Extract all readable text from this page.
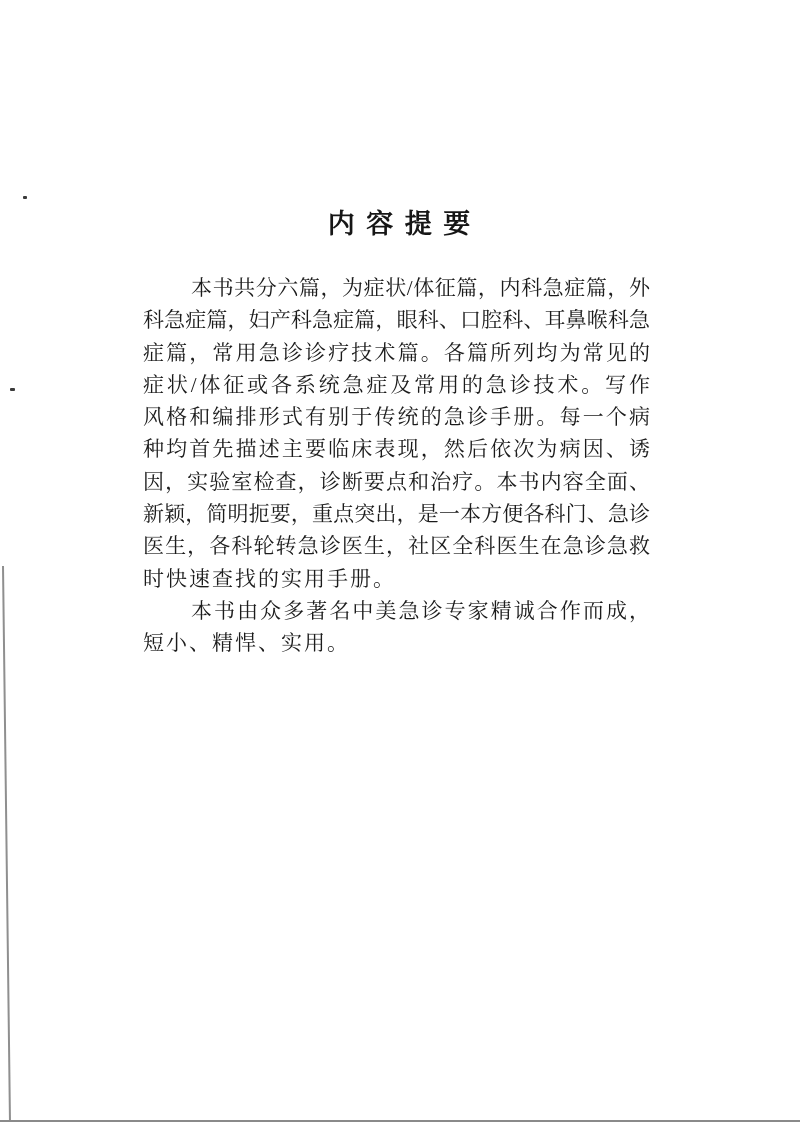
内 容 提 要

本书共分六篇，为症状/体征篇，内科急症篇，外

科急症篇，妇产科急症篇，眼科、口腔科、耳鼻喉科急

症篇，常用急诊诊疗技术篇。各篇所列均为常见的

症状/体征或各系统急症及常用的急诊技术。写作

风格和编排形式有别于传统的急诊手册。每一个病

种均首先描述主要临床表现，然后依次为病因、诱

因，实验室检查，诊断要点和治疗。本书内容全面、

新颖，简明扼要，重点突出，是一本方便各科门、急诊

医生，各科轮转急诊医生，社区全科医生在急诊急救

时快速查找的实用手册。

本书由众多著名中美急诊专家精诚合作而成，

短小、精悍、实用。
